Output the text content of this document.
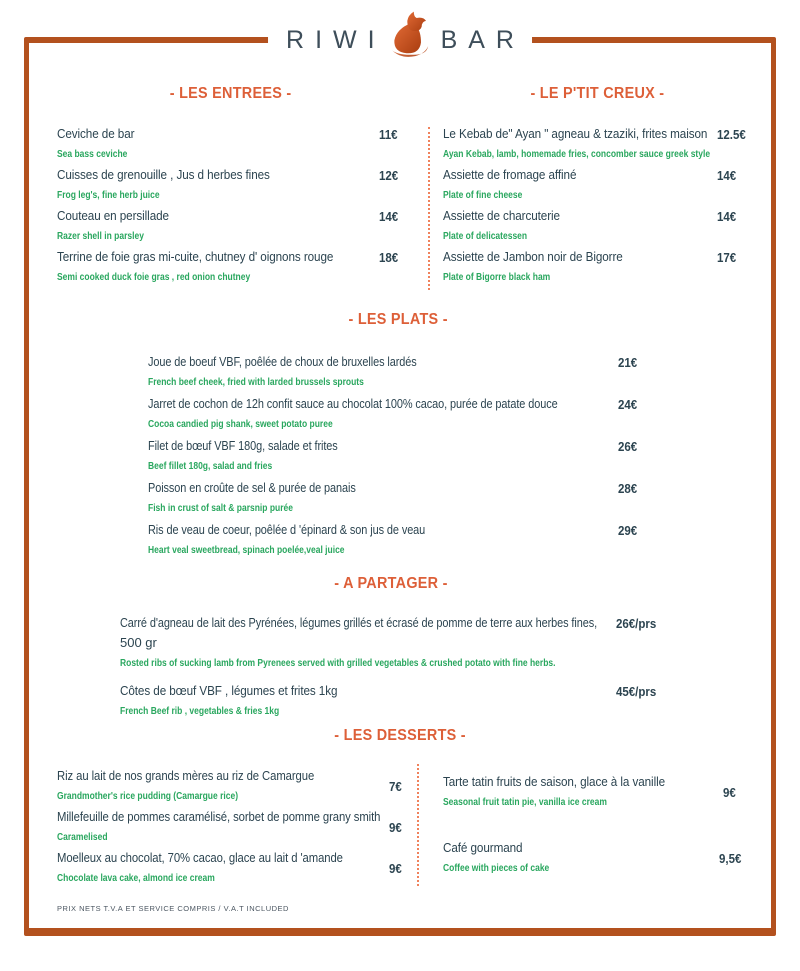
RIWI BAR
- LES ENTREES -
Ceviche de bar
Sea bass ceviche
11€
Cuisses de grenouille , Jus d herbes fines
Frog leg's, fine herb juice
12€
Couteau en persillade
Razer shell in parsley
14€
Terrine de foie gras mi-cuite, chutney d' oignons rouge
Semi cooked duck foie gras , red onion chutney
18€
- LE P'TIT CREUX -
Le Kebab de" Ayan " agneau & tzaziki, frites maison
Ayan Kebab, lamb, homemade fries, concomber sauce greek style
12.5€
Assiette de fromage affiné
Plate of fine cheese
14€
Assiette de charcuterie
Plate of delicatessen
14€
Assiette de Jambon noir de Bigorre
Plate of Bigorre black ham
17€
- LES PLATS -
Joue de boeuf VBF, poêlée de choux de bruxelles lardés
French beef cheek, fried with larded brussels sprouts
21€
Jarret de cochon de 12h confit sauce au chocolat 100% cacao, purée de patate douce
Cocoa candied pig shank, sweet potato puree
24€
Filet de bœuf VBF 180g, salade et frites
Beef fillet 180g, salad and fries
26€
Poisson en croûte de sel & purée de panais
Fish in crust of salt & parsnip purée
28€
Ris de veau de coeur, poêlée d 'épinard & son jus de veau
Heart veal sweetbread, spinach poelée,veal juice
29€
- A PARTAGER -
Carré d'agneau de lait des Pyrénées, légumes grillés et écrasé de pomme de terre aux herbes fines,
500 gr
Rosted ribs of sucking lamb from Pyrenees served with grilled vegetables & crushed potato with fine herbs.
26€/prs
Côtes de bœuf VBF , légumes et frites 1kg
French Beef rib , vegetables & fries 1kg
45€/prs
- LES DESSERTS -
Riz au lait de nos grands mères au riz de Camargue
Grandmother's rice pudding (Camargue rice)
7€
Millefeuille de pommes caramélisé, sorbet de pomme grany smith
Caramelised
9€
Moelleux au chocolat, 70% cacao, glace au lait d 'amande
Chocolate lava cake, almond ice cream
9€
Tarte tatin fruits de saison, glace à la vanille
Seasonal fruit tatin pie, vanilla ice cream
9€
Café gourmand
Coffee with pieces of cake
9,5€
PRIX NETS T.V.A ET SERVICE COMPRIS / V.A.T INCLUDED
